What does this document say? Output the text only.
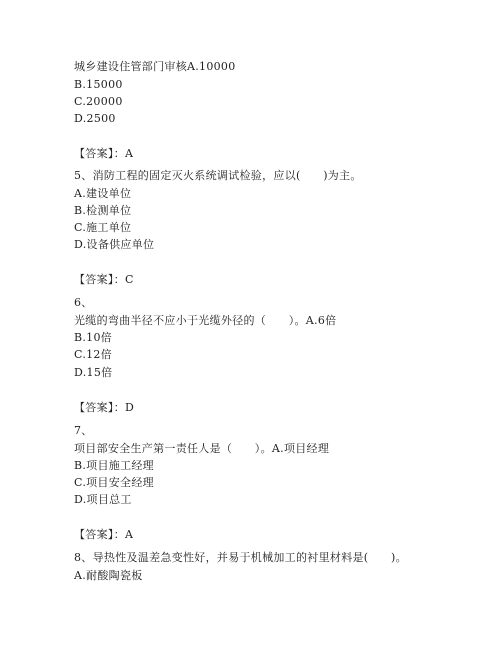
城乡建设住管部门审核A.10000
B.15000
C.20000
D.2500
【答案】：A
5、消防工程的固定灭火系统调试检验，应以(　　)为主。
A.建设单位
B.检测单位
C.施工单位
D.设备供应单位
【答案】：C
6、
光缆的弯曲半径不应小于光缆外径的（　　）。A.6倍
B.10倍
C.12倍
D.15倍
【答案】：D
7、
项目部安全生产第一责任人是（　　）。A.项目经理
B.项目施工经理
C.项目安全经理
D.项目总工
【答案】：A
8、导热性及温差急变性好，并易于机械加工的衬里材料是(　　)。
A.耐酸陶瓷板
